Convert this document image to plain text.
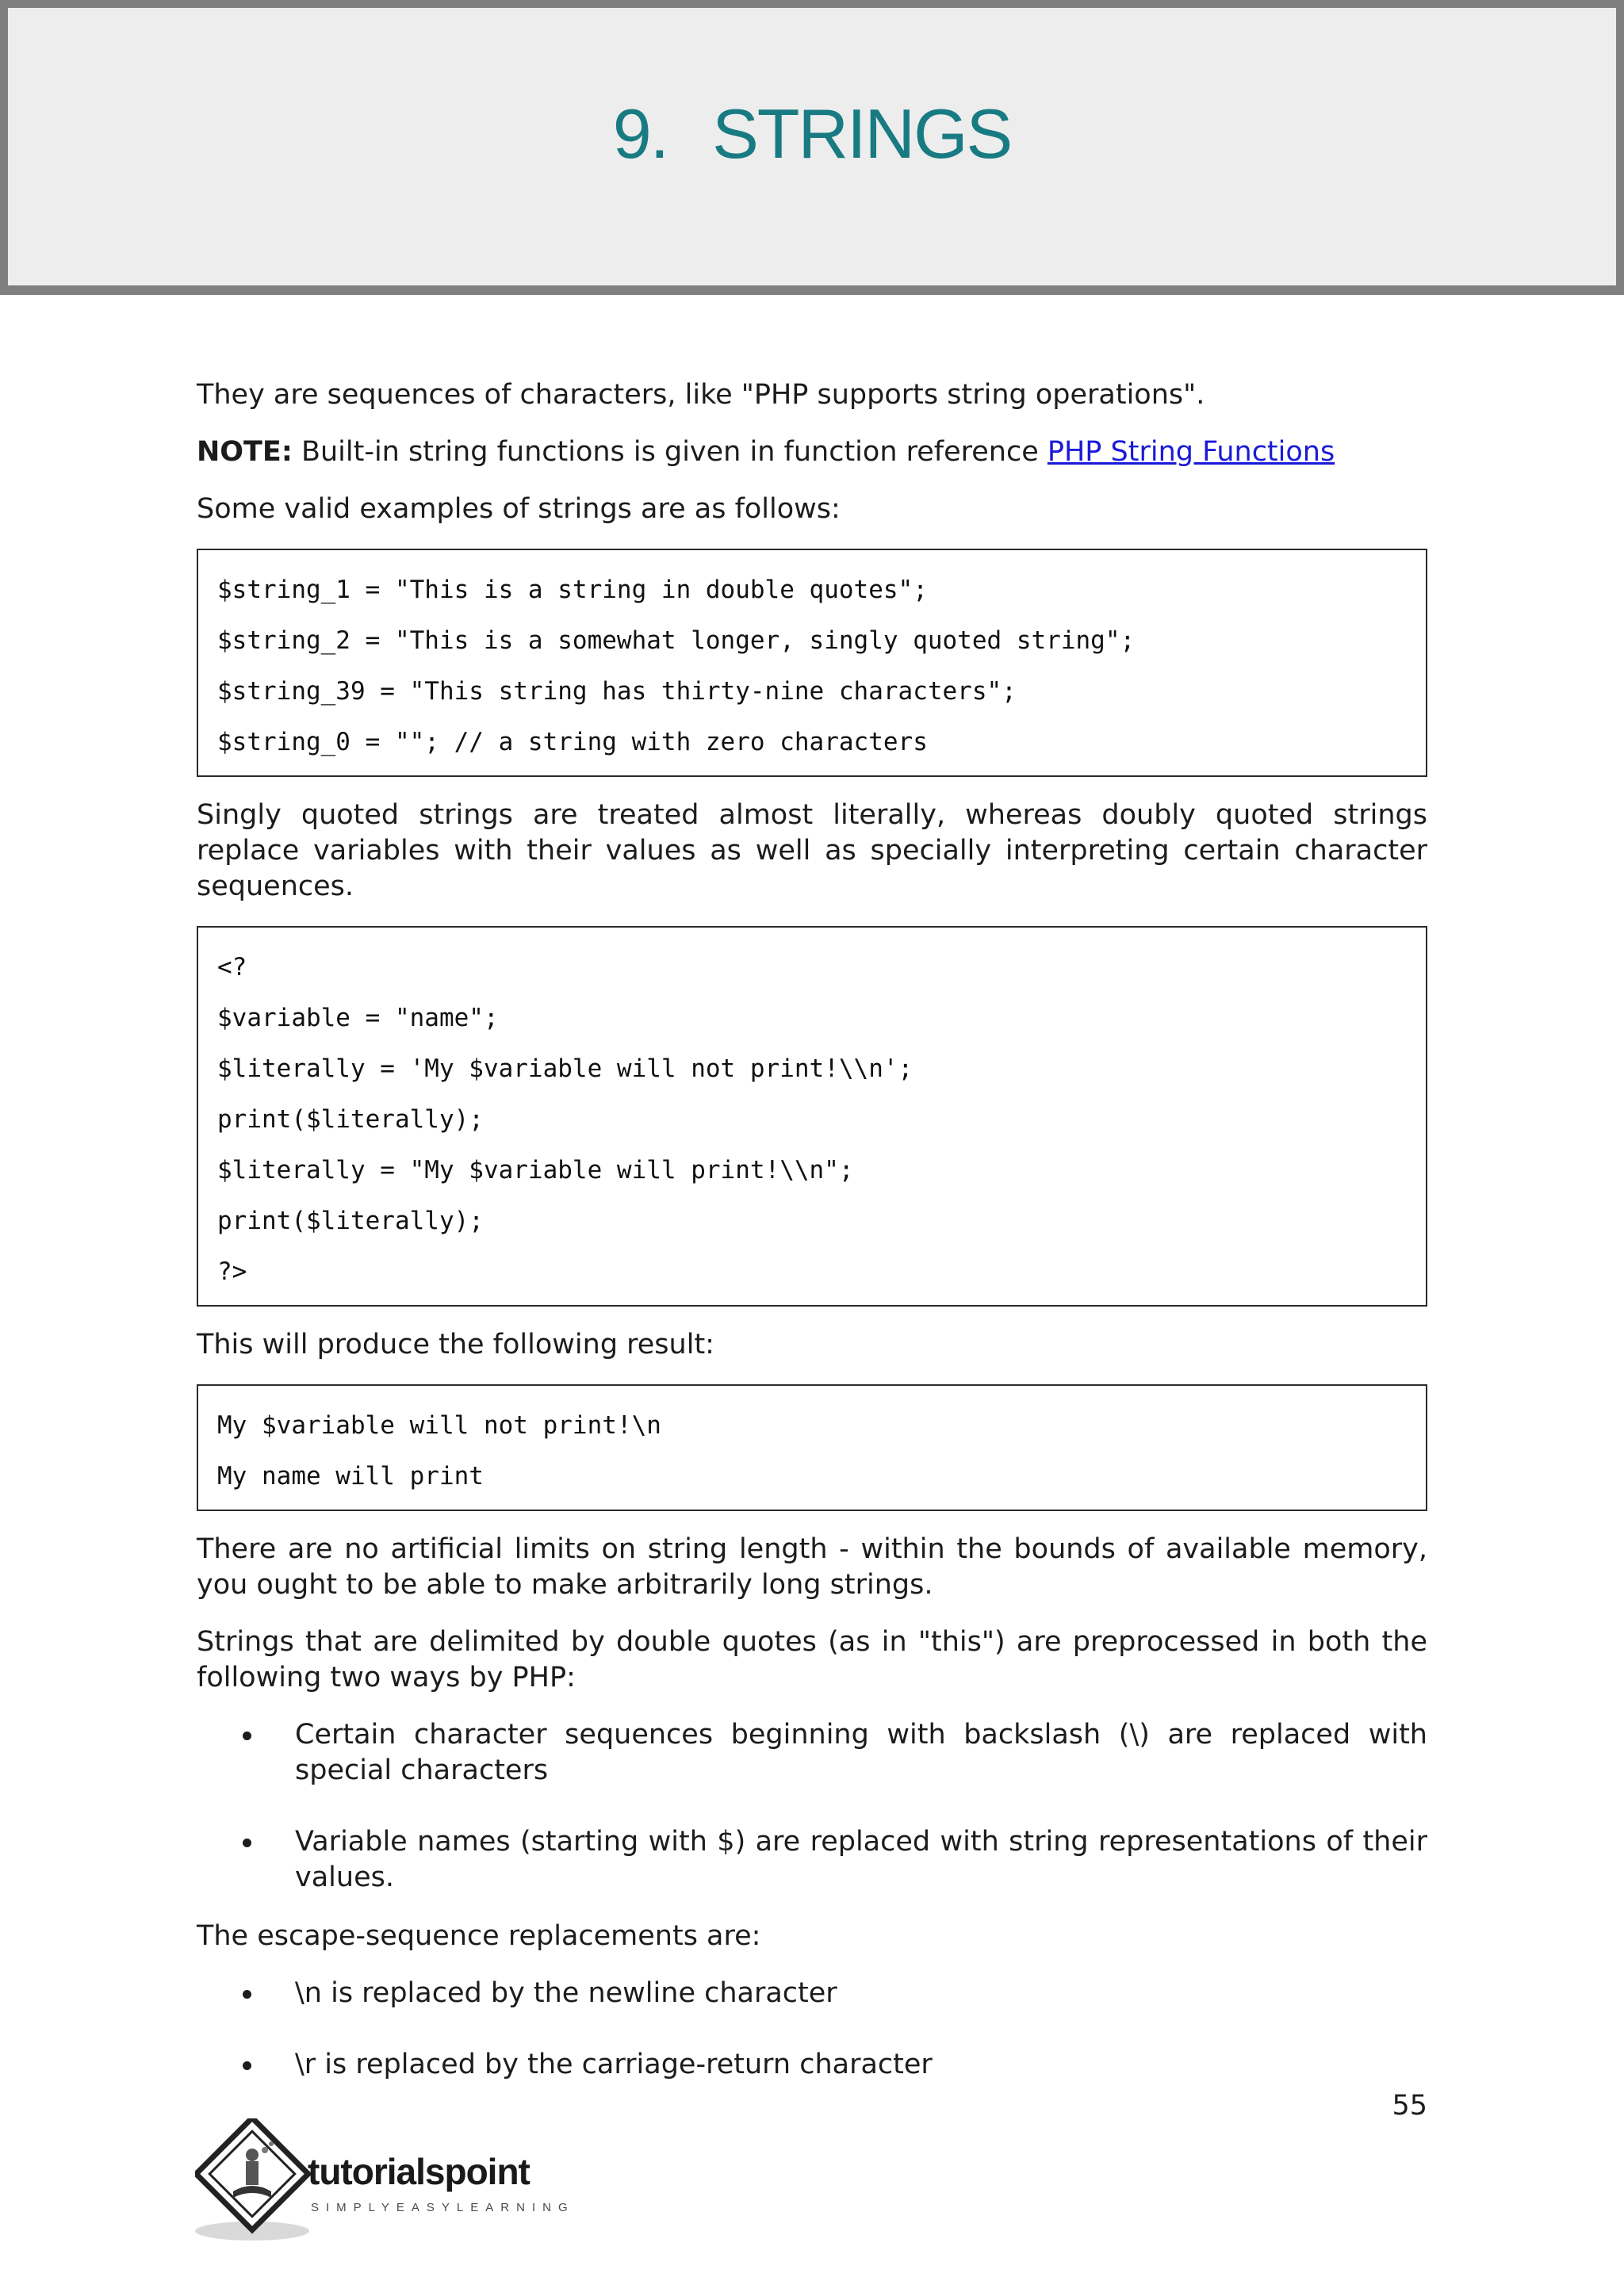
9. STRINGS

They are sequences of characters, like "PHP supports string operations".

NOTE: Built-in string functions is given in function reference PHP String Functions

Some valid examples of strings are as follows:

$string_1 = "This is a string in double quotes";
$string_2 = "This is a somewhat longer, singly quoted string";
$string_39 = "This string has thirty-nine characters";
$string_0 = ""; // a string with zero characters

Singly quoted strings are treated almost literally, whereas doubly quoted strings replace variables with their values as well as specially interpreting certain character sequences.

<?
$variable = "name";
$literally = 'My $variable will not print!\\n';
print($literally);
$literally = "My $variable will print!\\n";
print($literally);
?>

This will produce the following result:

My $variable will not print!\n
My name will print

There are no artificial limits on string length - within the bounds of available memory, you ought to be able to make arbitrarily long strings.

Strings that are delimited by double quotes (as in "this") are preprocessed in both the following two ways by PHP:

Certain character sequences beginning with backslash (\) are replaced with special characters
Variable names (starting with $) are replaced with string representations of their values.

The escape-sequence replacements are:

\n is replaced by the newline character
\r is replaced by the carriage-return character
55
tutorialspoint
SIMPLYEASYLEARNING
